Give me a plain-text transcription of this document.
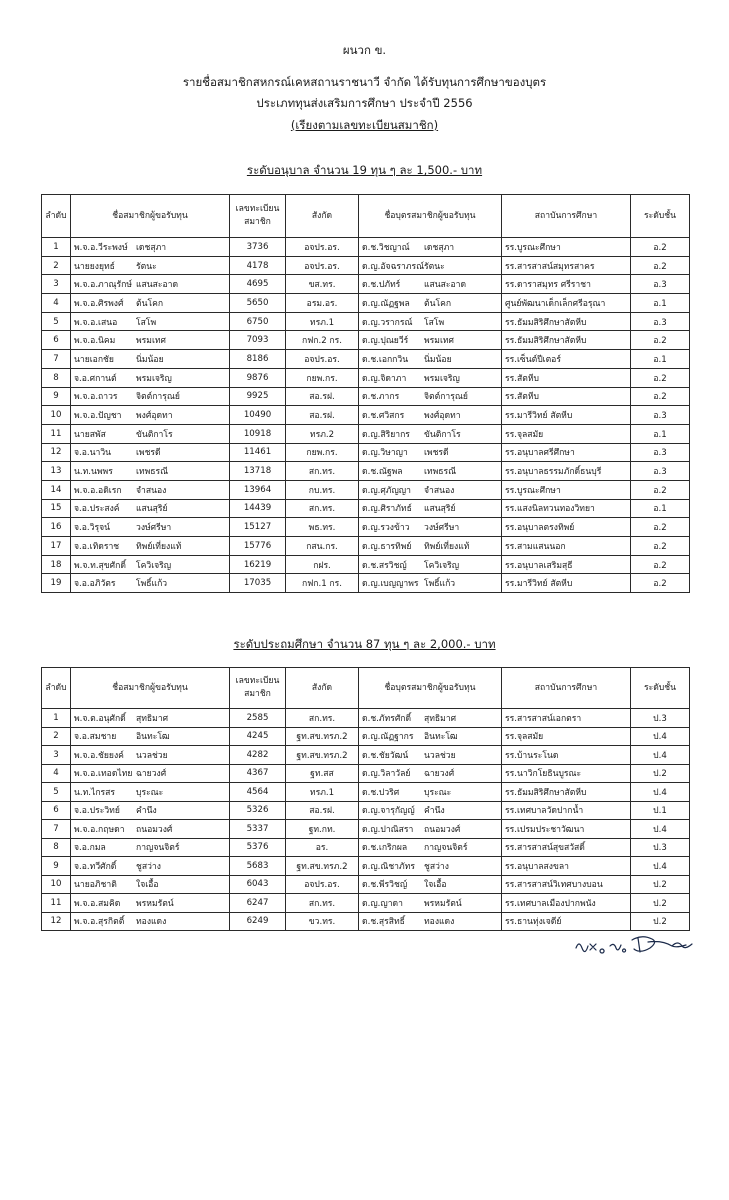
ผนวก ข.
รายชื่อสมาชิกสหกรณ์เคหสถานราชนาวี จำกัด ได้รับทุนการศึกษาของบุตร
ประเภททุนส่งเสริมการศึกษา ประจำปี 2556
(เรียงตามเลขทะเบียนสมาชิก)
ระดับอนุบาล จำนวน 19 ทุน ๆ ละ 1,500.- บาท
ลำดับ	ชื่อสมาชิกผู้ขอรับทุน	เลขทะเบียน สมาชิก	สังกัด	ชื่อบุตรสมาชิกผู้ขอรับทุน	สถาบันการศึกษา	ระดับชั้น
1	พ.จ.อ.วีระพงษ์ เดชสุภา	3736	อจปร.อร.	ด.ช.วิชญาณ์ เดชสุภา	รร.บูรณะศึกษา	อ.2
2	นายยงยุทธ์ รัตนะ	4178	อจปร.อร.	ด.ญ.อัจฉราภรณ์รัตนะ	รร.สารสาสน์สมุทรสาคร	อ.2
3	พ.จ.อ.ภาณุรักษ์ แสนสะอาด	4695	ขส.ทร.	ด.ช.ปภัทร์ แสนสะอาด	รร.ดาราสมุทร ศรีราชา	อ.3
4	พ.จ.อ.ศิรพงศ์ ต้นโคก	5650	อรม.อร.	ด.ญ.ณัฏฐพล ต้นโคก	ศูนย์พัฒนาเด็กเล็กศรีอรุณา	อ.1
5	พ.จ.อ.เสนอ โสโพ	6750	ทรภ.1	ด.ญ.วรากรณ์ โสโพ	รร.ธัมมสิริศึกษาสัตหีบ	อ.3
6	พ.จ.อ.นิคม พรมเทศ	7093	กฟก.2 กร.	ด.ญ.ปุณยวีร์ พรมเทศ	รร.ธัมมสิริศึกษาสัตหีบ	อ.2
7	นายเอกชัย นิ่มน้อย	8186	อจปร.อร.	ด.ช.เอกกวิน นิ่มน้อย	รร.เซ็นต์ปีเตอร์	อ.1
8	จ.อ.ศกานต์ พรมเจริญ	9876	กยพ.กร.	ด.ญ.จิดาภา พรมเจริญ	รร.สัตหีบ	อ.2
9	พ.จ.อ.ถาวร จิตต์การุณย์	9925	สอ.รฝ.	ด.ช.ภากร จิตต์การุณย์	รร.สัตหีบ	อ.2
10	พ.จ.อ.ปัญชา พงศ์อุดทา	10490	สอ.รฝ.	ด.ช.ศวิสกร พงศ์อุดทา	รร.มารีวิทย์ สัตหีบ	อ.3
11	นายสพัส ขันติกาโร	10918	ทรภ.2	ด.ญ.สิริยากร ขันติกาโร	รร.จุลสมัย	อ.1
12	จ.อ.นาวิน เพชรดี	11461	กยพ.กร.	ด.ญ.วิษาญา เพชรดี	รร.อนุบาลศรีศึกษา	อ.3
13	น.ท.นพพร เทพธรณี	13718	สก.ทร.	ด.ช.ณัฐพล เทพธรณี	รร.อนุบาลธรรมภักดิ์ธนบุรี	อ.3
14	พ.จ.อ.อดิเรก จำสนอง	13964	กบ.ทร.	ด.ญ.ศุภัญญา จำสนอง	รร.บูรณะศึกษา	อ.2
15	จ.อ.ประสงค์ แสนสุริย์	14439	สก.ทร.	ด.ญ.ศิราภัทธ์ แสนสุริย์	รร.แสงนิลทวนทองวิทยา	อ.1
16	จ.อ.วิรุจน์ วงษ์ศรีษา	15127	พธ.ทร.	ด.ญ.รวงข้าว วงษ์ศรีษา	รร.อนุบาลตรงทิพย์	อ.2
17	จ.อ.เทิดราช ทิพย์เที่ยงแท้	15776	กสน.กร.	ด.ญ.ธารทิพย์ ทิพย์เที่ยงแท้	รร.สามแสนนอก	อ.2
18	พ.จ.ท.สุขศักดิ์ โควิเจริญ	16219	กฝร.	ด.ช.สรวิชญ์ โควิเจริญ	รร.อนุบาลเสริมสุธี	อ.2
19	จ.อ.อภิวัตร โพธิ์แก้ว	17035	กฟก.1 กร.	ด.ญ.เบญญาพร โพธิ์แก้ว	รร.มารีวิทย์ สัตหีบ	อ.2
ระดับประถมศึกษา จำนวน 87 ทุน ๆ ละ 2,000.- บาท
ลำดับ	ชื่อสมาชิกผู้ขอรับทุน	เลขทะเบียน สมาชิก	สังกัด	ชื่อบุตรสมาชิกผู้ขอรับทุน	สถาบันการศึกษา	ระดับชั้น
1	พ.จ.ต.อนุศักดิ์ สุทธิมาศ	2585	สก.ทร.	ด.ช.ภัทรศักดิ์ สุทธิมาศ	รร.สารสาสน์เอกตรา	ป.3
2	จ.อ.สมชาย อินทะโฒ	4245	ฐท.สข.ทรภ.2	ด.ญ.ณัฏฐากร อินทะโฒ	รร.จุลสมัย	ป.4
3	พ.จ.อ.ชัยยงค์ นวลช่วย	4282	ฐท.สข.ทรภ.2	ด.ช.ชัยวัฒน์ นวลช่วย	รร.บ้านระโนด	ป.4
4	พ.จ.อ.เทอดไทย ฉายวงศ์	4367	ฐท.สส	ด.ญ.วิลาวัลย์ ฉายวงศ์	รร.นาวิกโยธินบูรณะ	ป.2
5	น.ท.ไกรสร บุระณะ	4564	ทรภ.1	ด.ช.ปวริศ บุระณะ	รร.ธัมมสิริศึกษาสัตหีบ	ป.4
6	จ.อ.ประวิทย์ คำนึง	5326	สอ.รฝ.	ด.ญ.จารุกัญญ์ คำนึง	รร.เทศบาลวัดปากน้ำ	ป.1
7	พ.จ.อ.กฤษดา ถนอมวงศ์	5337	ฐท.กท.	ด.ญ.ปาณิสรา ถนอมวงศ์	รร.เปรมประชาวัฒนา	ป.4
8	จ.อ.กมล กาญจนจิตร์	5376	อร.	ด.ช.เกริกผล กาญจนจิตร์	รร.สารสาสน์สุขสวัสดิ์	ป.3
9	จ.อ.ทวีศักดิ์ ชูสว่าง	5683	ฐท.สข.ทรภ.2	ด.ญ.ณิชาภัทร ชูสว่าง	รร.อนุบาลสงขลา	ป.4
10	นายอภิชาติ ใจเอื้อ	6043	อจปร.อร.	ด.ช.พีรวิชญ์ ใจเอื้อ	รร.สารสาสน์วิเทศบางบอน	ป.2
11	พ.จ.อ.สมคิด พรหมรัตน์	6247	สก.ทร.	ด.ญ.ญาดา พรหมรัตน์	รร.เทศบาลเมืองปากพนัง	ป.2
12	พ.จ.อ.สุรกิตติ์ ทองแดง	6249	ขว.ทร.	ด.ช.สุรสิทธิ์ ทองแดง	รร.ธานทุ่งเจดีย์	ป.2
